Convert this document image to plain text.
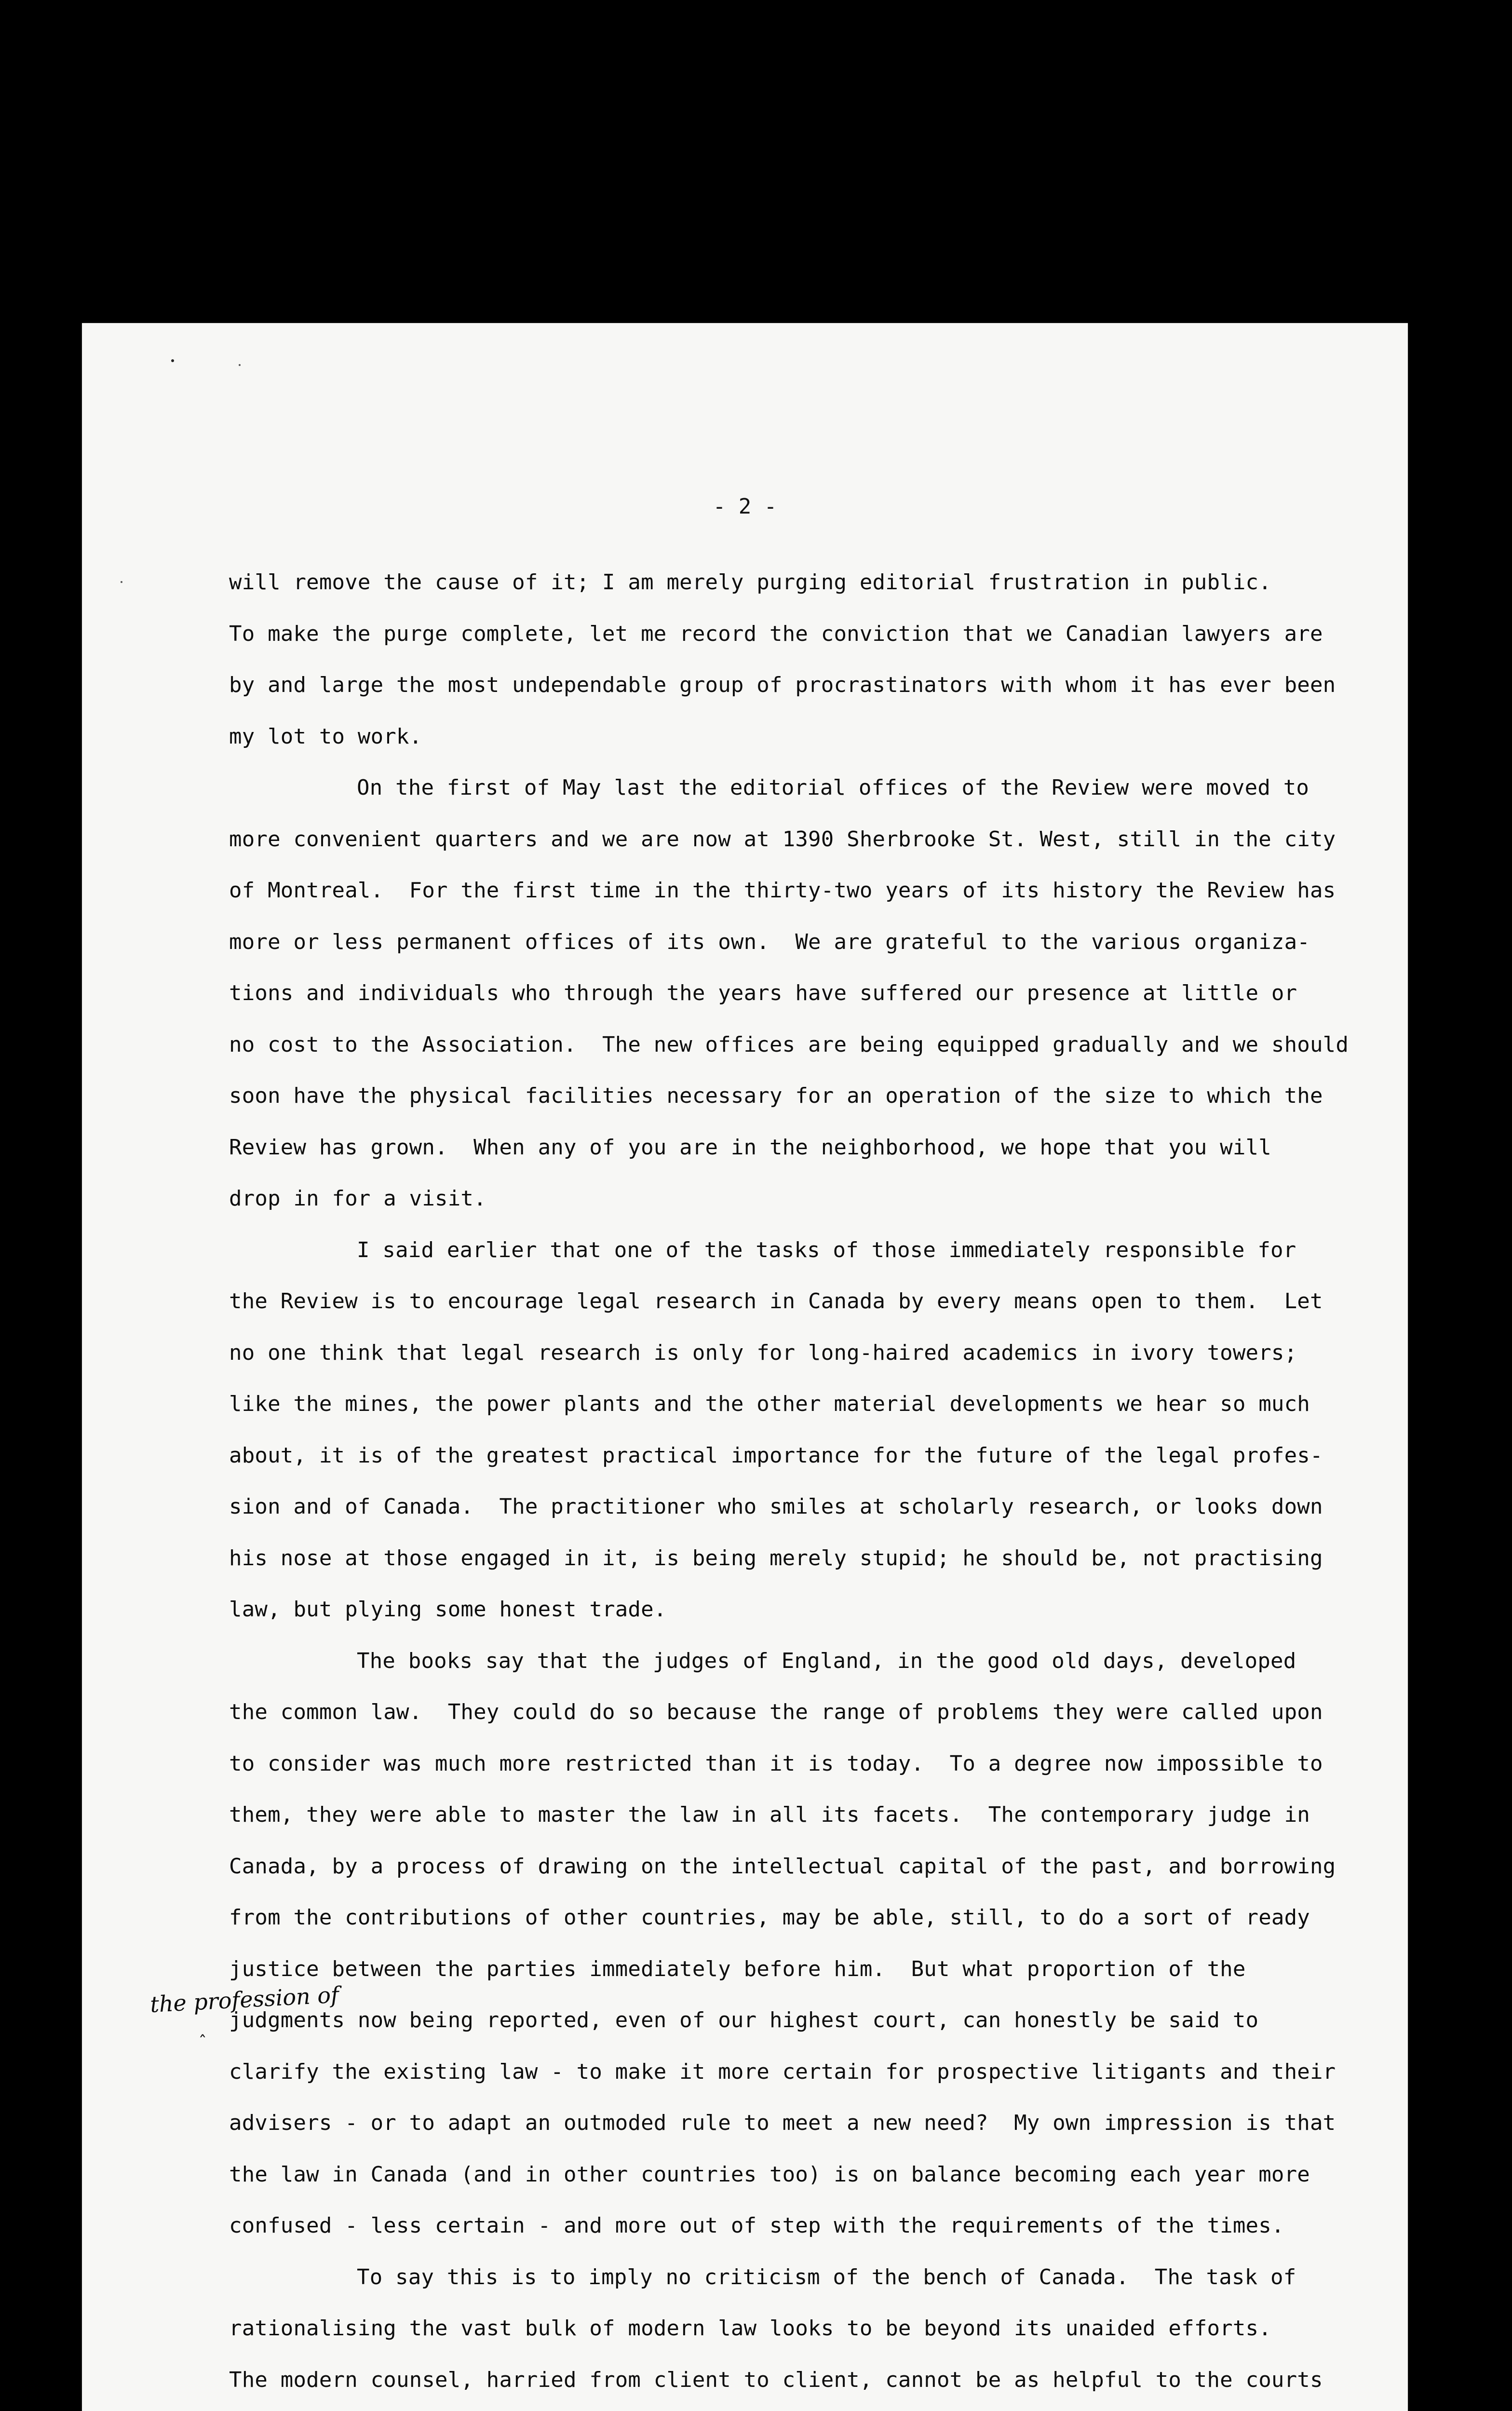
- 2 -
will remove the cause of it; I am merely purging editorial frustration in public.
To make the purge complete, let me record the conviction that we Canadian lawyers are
by and large the most undependable group of procrastinators with whom it has ever been
my lot to work.
On the first of May last the editorial offices of the Review were moved to
more convenient quarters and we are now at 1390 Sherbrooke St. West, still in the city
of Montreal.  For the first time in the thirty-two years of its history the Review has
more or less permanent offices of its own.  We are grateful to the various organiza-
tions and individuals who through the years have suffered our presence at little or
no cost to the Association.  The new offices are being equipped gradually and we should
soon have the physical facilities necessary for an operation of the size to which the
Review has grown.  When any of you are in the neighborhood, we hope that you will
drop in for a visit.
I said earlier that one of the tasks of those immediately responsible for
the Review is to encourage legal research in Canada by every means open to them.  Let
no one think that legal research is only for long-haired academics in ivory towers;
like the mines, the power plants and the other material developments we hear so much
about, it is of the greatest practical importance for the future of the legal profes-
sion and of Canada.  The practitioner who smiles at scholarly research, or looks down
his nose at those engaged in it, is being merely stupid; he should be, not practising
law, but plying some honest trade.
The books say that the judges of England, in the good old days, developed
the common law.  They could do so because the range of problems they were called upon
to consider was much more restricted than it is today.  To a degree now impossible to
them, they were able to master the law in all its facets.  The contemporary judge in
Canada, by a process of drawing on the intellectual capital of the past, and borrowing
from the contributions of other countries, may be able, still, to do a sort of ready
justice between the parties immediately before him.  But what proportion of the
judgments now being reported, even of our highest court, can honestly be said to
clarify the existing law - to make it more certain for prospective litigants and their
advisers - or to adapt an outmoded rule to meet a new need?  My own impression is that
the law in Canada (and in other countries too) is on balance becoming each year more
confused - less certain - and more out of step with the requirements of the times.
To say this is to imply no criticism of the bench of Canada.  The task of
rationalising the vast bulk of modern law looks to be beyond its unaided efforts.
The modern counsel, harried from client to client, cannot be as helpful to the courts
the profession of
ˆ
